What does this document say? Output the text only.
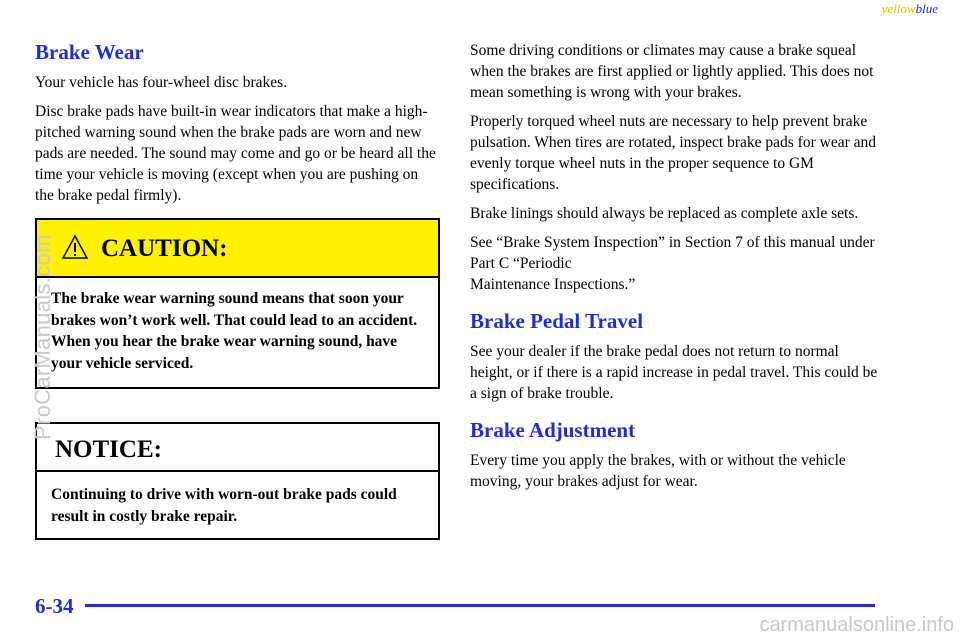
yellowblue
Brake Wear

Your vehicle has four-wheel disc brakes.

Disc brake pads have built-in wear indicators that make a high-pitched warning sound when the brake pads are worn and new pads are needed. The sound may come and go or be heard all the time your vehicle is moving (except when you are pushing on the brake pedal firmly).

CAUTION:
The brake wear warning sound means that soon your brakes won’t work well. That could lead to an accident. When you hear the brake wear warning sound, have your vehicle serviced.
NOTICE:
Continuing to drive with worn-out brake pads could result in costly brake repair.

Some driving conditions or climates may cause a brake squeal when the brakes are first applied or lightly applied. This does not mean something is wrong with your brakes.

Properly torqued wheel nuts are necessary to help prevent brake pulsation. When tires are rotated, inspect brake pads for wear and evenly torque wheel nuts in the proper sequence to GM specifications.

Brake linings should always be replaced as complete axle sets.

See “Brake System Inspection” in Section 7 of this manual under Part C “Periodic
Maintenance Inspections.”

Brake Pedal Travel

See your dealer if the brake pedal does not return to normal height, or if there is a rapid increase in pedal travel. This could be a sign of brake trouble.

Brake Adjustment

Every time you apply the brakes, with or without the vehicle moving, your brakes adjust for wear.

6-34
ProCarManuals.com
carmanualsonline.info
